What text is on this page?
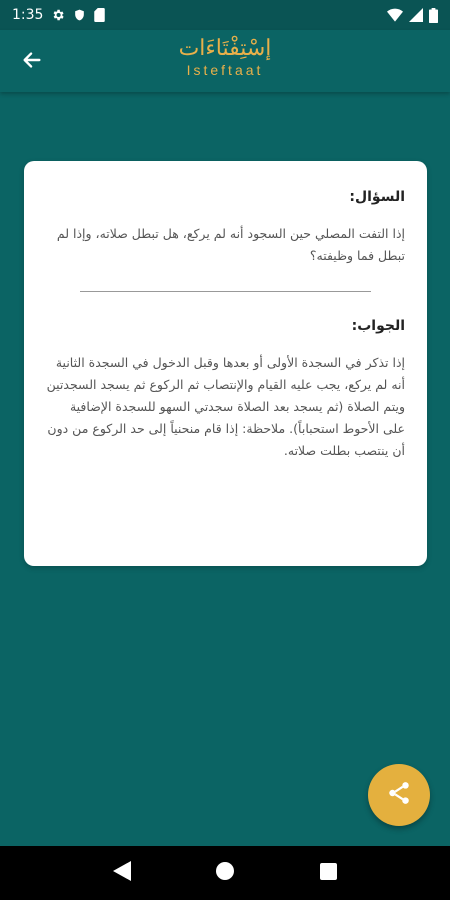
1:35
إسْتِفْتَاءَات
Isteftaat
السؤال:
إذا التفت المصلي حين السجود أنه لم يركع، هل تبطل صلاته، وإذا لم تبطل فما وظيفته؟
الجواب:
إذا تذكر في السجدة الأولى أو بعدها وقبل الدخول في السجدة الثانية أنه لم يركع، يجب عليه القيام والإنتصاب ثم الركوع ثم يسجد السجدتين ويتم الصلاة (ثم يسجد بعد الصلاة سجدتي السهو للسجدة الإضافية على الأحوط استحباباً). ملاحظة: إذا قام منحنياً إلى حد الركوع من دون أن ينتصب بطلت صلاته.
